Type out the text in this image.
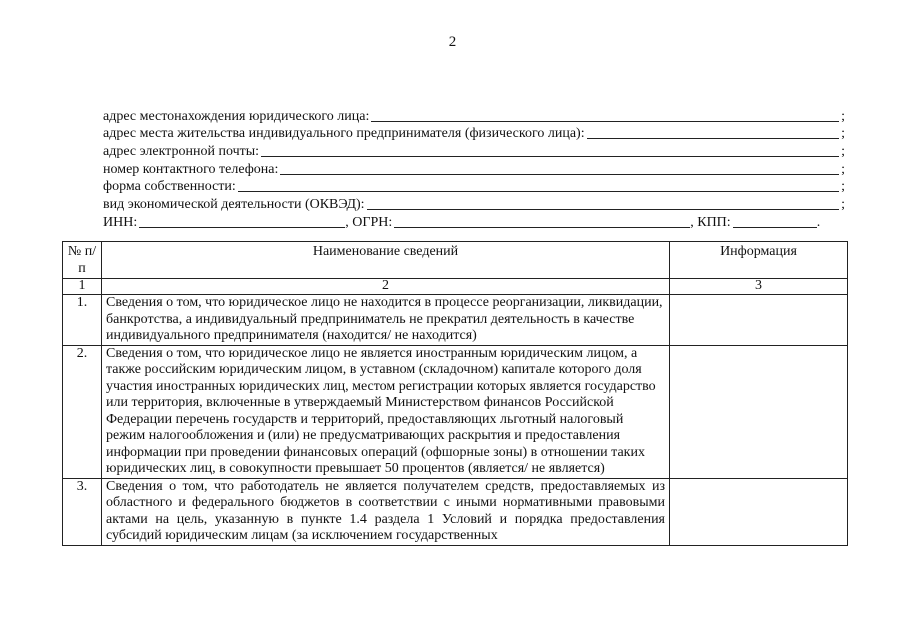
2
адрес местонахождения юридического лица:	;
адрес места жительства индивидуального предпринимателя (физического лица):	;
адрес электронной почты:	;
номер контактного телефона:	;
форма собственности:	;
вид экономической деятельности (ОКВЭД):	;
ИНН:	, ОГРН:	, КПП:	.
№ п/п	Наименование сведений	Информация
1	2	3
1.	Сведения о том, что юридическое лицо не находится в процессе реорганизации, ликвидации, банкротства, а индивидуальный предприниматель не прекратил деятельность в качестве индивидуального предпринимателя (находится/ не находится)	
2.	Сведения о том, что юридическое лицо не является иностранным юридическим лицом, а также российским юридическим лицом, в уставном (складочном) капитале которого доля участия иностранных юридических лиц, местом регистрации которых является государство или территория, включенные в утверждаемый Министерством финансов Российской Федерации перечень государств и территорий, предоставляющих льготный налоговый режим налогообложения и (или) не предусматривающих раскрытия и предоставления информации при проведении финансовых операций (офшорные зоны) в отношении таких юридических лиц, в совокупности превышает 50 процентов (является/ не является)	
3.	Сведения о том, что работодатель не является получателем средств, предоставляемых из областного и федерального бюджетов в соответствии с иными нормативными правовыми актами на цель, указанную в пункте 1.4 раздела 1 Условий и порядка предоставления субсидий юридическим лицам (за исключением государственных	
